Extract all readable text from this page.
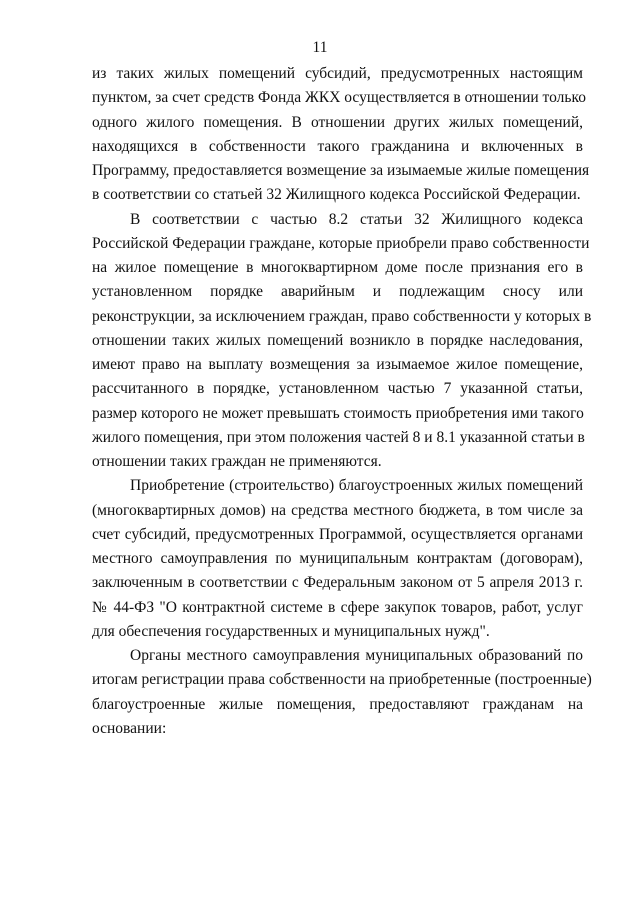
11

из таких жилых помещений субсидий, предусмотренных настоящим
пунктом, за счет средств Фонда ЖКХ осуществляется в отношении только
одного жилого помещения. В отношении других жилых помещений,
находящихся в собственности такого гражданина и включенных в
Программу, предоставляется возмещение за изымаемые жилые помещения
в соответствии со статьей 32 Жилищного кодекса Российской Федерации.

В соответствии с частью 8.2 статьи 32 Жилищного кодекса
Российской Федерации граждане, которые приобрели право собственности
на жилое помещение в многоквартирном доме после признания его в
установленном порядке аварийным и подлежащим сносу или
реконструкции, за исключением граждан, право собственности у которых в
отношении таких жилых помещений возникло в порядке наследования,
имеют право на выплату возмещения за изымаемое жилое помещение,
рассчитанного в порядке, установленном частью 7 указанной статьи,
размер которого не может превышать стоимость приобретения ими такого
жилого помещения, при этом положения частей 8 и 8.1 указанной статьи в
отношении таких граждан не применяются.

Приобретение (строительство) благоустроенных жилых помещений
(многоквартирных домов) на средства местного бюджета, в том числе за
счет субсидий, предусмотренных Программой, осуществляется органами
местного самоуправления по муниципальным контрактам (договорам),
заключенным в соответствии с Федеральным законом от 5 апреля 2013 г.
№ 44-ФЗ "О контрактной системе в сфере закупок товаров, работ, услуг
для обеспечения государственных и муниципальных нужд".

Органы местного самоуправления муниципальных образований по
итогам регистрации права собственности на приобретенные (построенные)
благоустроенные жилые помещения, предоставляют гражданам на
основании:
